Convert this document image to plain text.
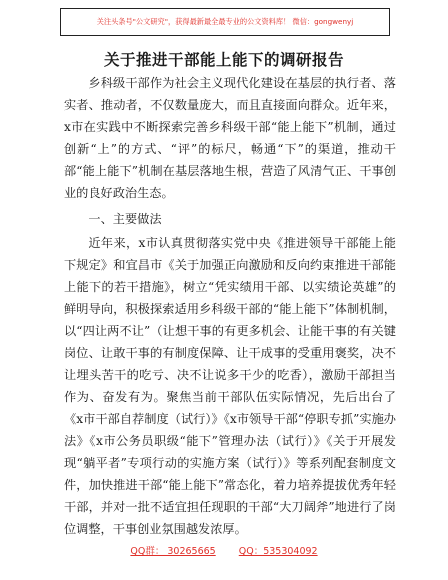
关注头条号"公文研究"，获得最新最全最专业的公文资料库！ 微信：gongwenyj
关于推进干部能上能下的调研报告

乡科级干部作为社会主义现代化建设在基层的执行者、落实者、推动者，不仅数量庞大，而且直接面向群众。近年来，x市在实践中不断探索完善乡科级干部“能上能下”机制，通过创新“上”的方式、“评”的标尺，畅通“下”的渠道，推动干部“能上能下”机制在基层落地生根，营造了风清气正、干事创业的良好政治生态。

一、主要做法

近年来，x市认真贯彻落实党中央《推进领导干部能上能下规定》和宜昌市《关于加强正向激励和反向约束推进干部能上能下的若干措施》，树立“凭实绩用干部、以实绩论英雄”的鲜明导向，积极探索适用乡科级干部的“能上能下”体制机制，以“四让两不让”（让想干事的有更多机会、让能干事的有关键岗位、让敢干事的有制度保障、让干成事的受重用褒奖，决不让埋头苦干的吃亏、决不让说多干少的吃香），激励干部担当作为、奋发有为。聚焦当前干部队伍实际情况，先后出台了《x市干部自荐制度（试行）》《x市领导干部“停职专抓”实施办法》《x市公务员职级“能下”管理办法（试行）》《关于开展发现“躺平者”专项行动的实施方案（试行）》等系列配套制度文件，加快推进干部“能上能下”常态化，着力培养提拔优秀年轻干部，并对一批不适宜担任现职的干部“大刀阔斧”地进行了岗位调整，干事创业氛围越发浓厚。

QQ群： 30265665 QQ：535304092
